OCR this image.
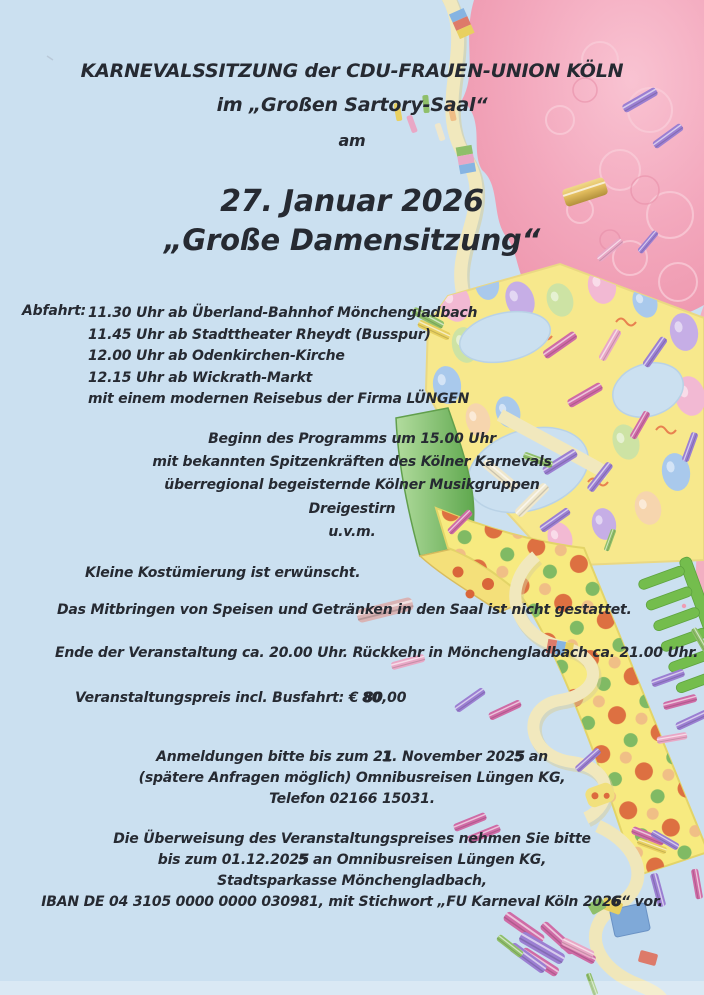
KARNEVALSSITZUNG der CDU-FRAUEN-UNION KÖLN
im „Großen Sartory-Saal“
am
27. Januar 2026
„Große Damensitzung“
Abfahrt: 11.30 Uhr ab Überland-Bahnhof Mönchengladbach
11.45 Uhr ab Stadttheater Rheydt (Busspur)
12.00 Uhr ab Odenkirchen-Kirche
12.15 Uhr ab Wickrath-Markt
mit einem modernen Reisebus der Firma LÜNGEN
Beginn des Programms um 15.00 Uhr
mit bekannten Spitzenkräften des Kölner Karnevals
überregional begeisternde Kölner Musikgruppen
Dreigestirn
u.v.m.
Kleine Kostümierung ist erwünscht.
Das Mitbringen von Speisen und Getränken in den Saal ist nicht gestattet.
Ende der Veranstaltung ca. 20.00 Uhr. Rückkehr in Mönchengladbach ca. 21.00 Uhr.
Veranstaltungspreis incl. Busfahrt: € 80,00
Anmeldungen bitte bis zum 21. November 2025 an
(spätere Anfragen möglich) Omnibusreisen Lüngen KG,
Telefon 02166 15031.
Die Überweisung des Veranstaltungspreises nehmen Sie bitte
bis zum 01.12.2025 an Omnibusreisen Lüngen KG,
Stadtsparkasse Mönchengladbach,
IBAN DE 04 3105 0000 0000 030981, mit Stichwort „FU Karneval Köln 2026“ vor.
